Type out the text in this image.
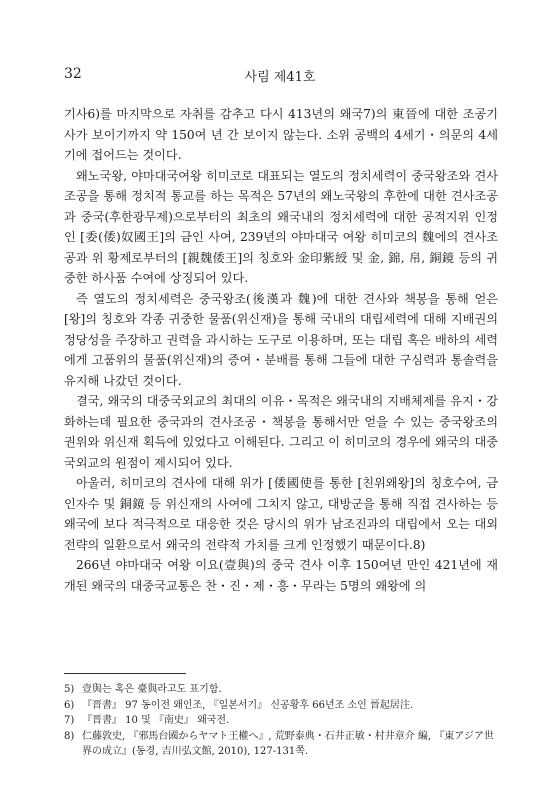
32	사림 제41호

기사6)를 마지막으로 자취를 감추고 다시 413년의 왜국7)의 東晉에 대한 조공기사가 보이기까지 약 150여 년 간 보이지 않는다. 소위 공백의 4세기・의문의 4세기에 접어드는 것이다.

왜노국왕, 야마대국여왕 히미코로 대표되는 열도의 정치세력이 중국왕조와 견사조공을 통해 정치적 통교를 하는 목적은 57년의 왜노국왕의 후한에 대한 견사조공과 중국(후한광무제)으로부터의 최초의 왜국내의 정치세력에 대한 공적지위 인정인 [委(倭)奴國王]의 금인 사여, 239년의 야마대국 여왕 히미코의 魏에의 견사조공과 위 황제로부터의 [親魏倭王]의 칭호와 金印紫綬 및 金, 錦, 帛, 銅鏡 등의 귀중한 하사품 수여에 상징되어 있다.

즉 열도의 정치세력은 중국왕조(後漢과 魏)에 대한 견사와 책봉을 통해 얻은 [왕]의 칭호와 각종 귀중한 물품(위신재)을 통해 국내의 대립세력에 대해 지배권의 정당성을 주장하고 권력을 과시하는 도구로 이용하며, 또는 대립 혹은 배하의 세력에게 고품위의 물품(위신재)의 증여・분배를 통해 그들에 대한 구심력과 통솔력을 유지해 나갔던 것이다.

결국, 왜국의 대중국외교의 최대의 이유・목적은 왜국내의 지배체제를 유지・강화하는데 필요한 중국과의 견사조공・책봉을 통해서만 얻을 수 있는 중국왕조의 권위와 위신재 획득에 있었다고 이해된다. 그리고 이 히미코의 경우에 왜국의 대중국외교의 원점이 제시되어 있다.

아울러, 히미코의 견사에 대해 위가 [倭國使를 통한 [친위왜왕]의 칭호수여, 금인자수 및 銅鏡 등 위신재의 사여에 그치지 않고, 대방군을 통해 직접 견사하는 등 왜국에 보다 적극적으로 대응한 것은 당시의 위가 남조진과의 대립에서 오는 대외전략의 일환으로서 왜국의 전략적 가치를 크게 인정했기 때문이다.8)

266년 야마대국 여왕 이요(壹與)의 중국 견사 이후 150여년 만인 421년에 재개된 왜국의 대중국교통은 찬・진・제・흥・무라는 5명의 왜왕에 의

5) 壹與는 혹은 臺與라고도 표기함.

6) 『晋書』 97 동이전 왜인조, 『일본서기』 신공황후 66년조 소인 晉起居注.

7) 『晋書』 10 및 『南史』 왜국전.

8) 仁藤敦史, 『邪馬台國からヤマト王權へ』, 荒野泰典・石井正敏・村井章介 編, 『東アジア世界の成立』(동경, 吉川弘文館, 2010), 127-131쪽.
